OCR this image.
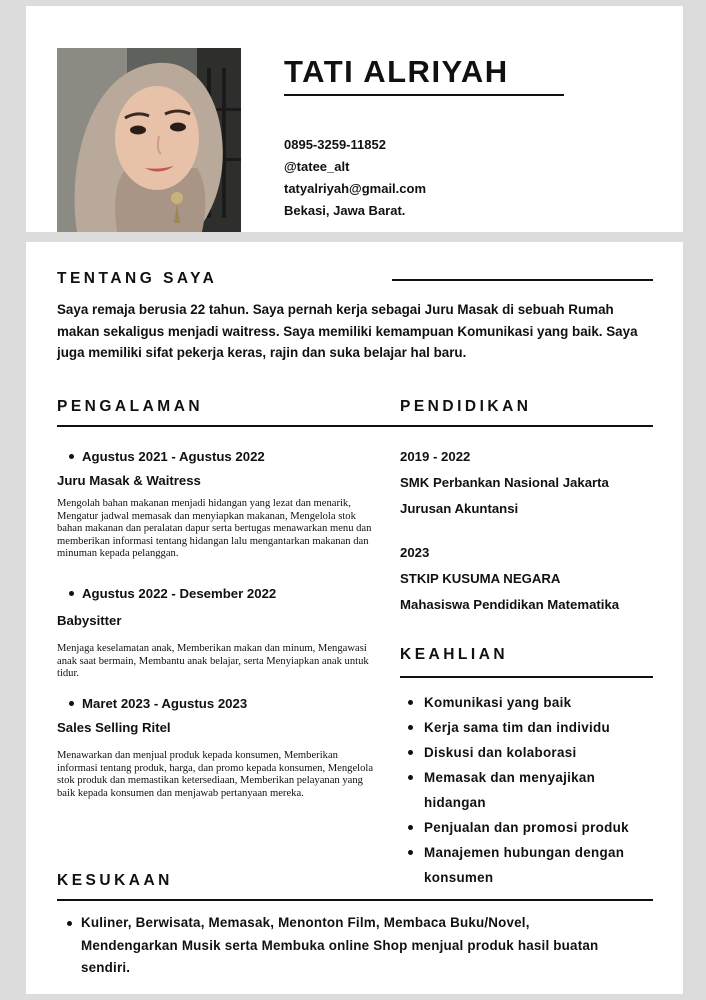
TATI ALRIYAH
0895-3259-11852
@tatee_alt
tatyalriyah@gmail.com
Bekasi, Jawa Barat.
TENTANG SAYA
Saya remaja berusia 22 tahun. Saya pernah kerja sebagai Juru Masak di sebuah Rumah makan sekaligus menjadi waitress. Saya memiliki kemampuan Komunikasi yang baik. Saya juga memiliki sifat pekerja keras, rajin dan suka belajar hal baru.
PENGALAMAN
Agustus 2021 - Agustus 2022
Juru Masak & Waitress
Mengolah bahan makanan menjadi hidangan yang lezat dan menarik, Mengatur jadwal memasak dan menyiapkan makanan, Mengelola stok bahan makanan dan peralatan dapur serta bertugas menawarkan menu dan memberikan informasi tentang hidangan lalu mengantarkan makanan dan minuman kepada pelanggan.
Agustus 2022 - Desember 2022
Babysitter
Menjaga keselamatan anak, Memberikan makan dan minum, Mengawasi anak saat bermain, Membantu anak belajar, serta Menyiapkan anak untuk tidur.
Maret 2023 - Agustus 2023
Sales Selling Ritel
Menawarkan dan menjual produk kepada konsumen, Memberikan informasi tentang produk, harga, dan promo kepada konsumen, Mengelola stok produk dan memastikan ketersediaan, Memberikan pelayanan yang baik kepada konsumen dan menjawab pertanyaan mereka.
PENDIDIKAN
2019 - 2022
SMK Perbankan Nasional Jakarta
Jurusan Akuntansi
2023
STKIP KUSUMA NEGARA
Mahasiswa Pendidikan Matematika
KEAHLIAN
Komunikasi yang baik
Kerja sama tim dan individu
Diskusi dan kolaborasi
Memasak dan menyajikan hidangan
Penjualan dan promosi produk
Manajemen hubungan dengan konsumen
KESUKAAN
Kuliner, Berwisata, Memasak, Menonton Film, Membaca Buku/Novel, Mendengarkan Musik serta Membuka online Shop menjual produk hasil buatan sendiri.
